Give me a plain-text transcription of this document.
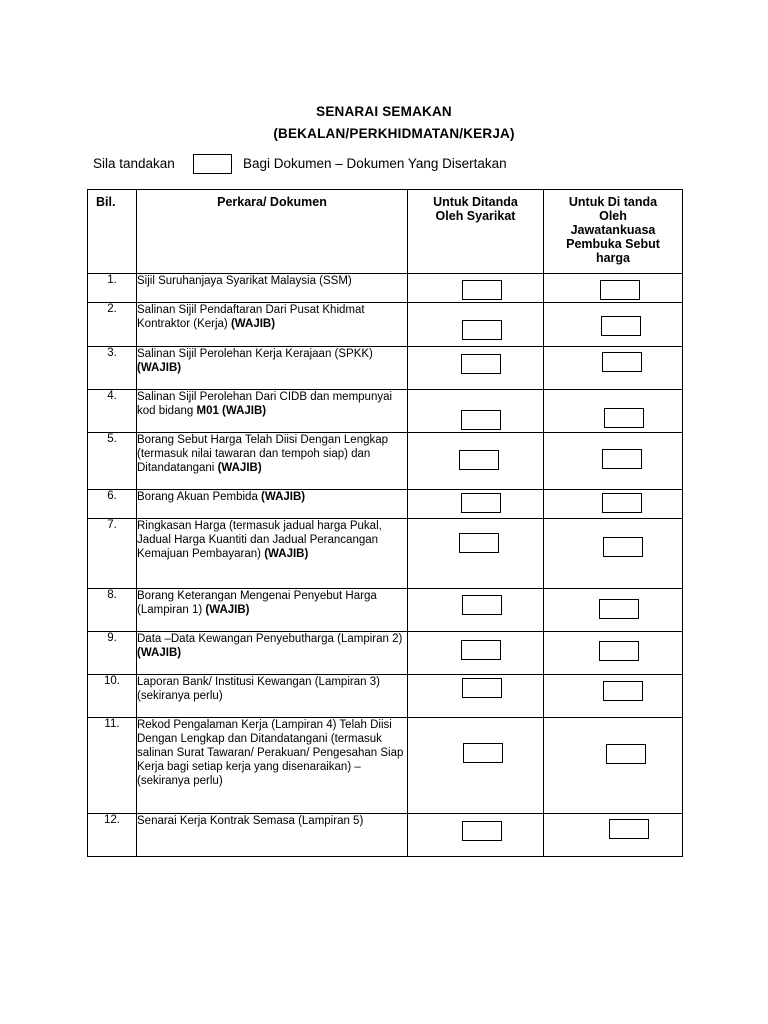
SENARAI SEMAKAN
(BEKALAN/PERKHIDMATAN/KERJA)
Sila tandakan	Bagi Dokumen – Dokumen Yang Disertakan
Bil.	Perkara/ Dokumen	Untuk Ditanda Oleh Syarikat	Untuk Di tanda Oleh Jawatankuasa Pembuka Sebut harga
1.	Sijil Suruhanjaya Syarikat Malaysia (SSM)	

2.	Salinan Sijil Pendaftaran Dari Pusat Khidmat Kontraktor (Kerja) (WAJIB)	

3.	Salinan Sijil Perolehan Kerja Kerajaan (SPKK) (WAJIB)	

4.	Salinan Sijil Perolehan Dari CIDB dan mempunyai kod bidang M01 (WAJIB)	

5.	Borang Sebut Harga Telah Diisi Dengan Lengkap (termasuk nilai tawaran dan tempoh siap) dan Ditandatangani (WAJIB)	

6.	Borang Akuan Pembida (WAJIB)	

7.	Ringkasan Harga (termasuk jadual harga Pukal, Jadual Harga Kuantiti dan Jadual Perancangan Kemajuan Pembayaran) (WAJIB)	

8.	Borang Keterangan Mengenai Penyebut Harga (Lampiran 1) (WAJIB)	

9.	Data –Data Kewangan Penyebutharga (Lampiran 2) (WAJIB)	

10.	Laporan Bank/ Institusi Kewangan (Lampiran 3) (sekiranya perlu)	

11.	Rekod Pengalaman Kerja (Lampiran 4) Telah Diisi Dengan Lengkap dan Ditandatangani (termasuk salinan Surat Tawaran/ Perakuan/ Pengesahan Siap Kerja bagi setiap kerja yang disenaraikan) – (sekiranya perlu)	

12.	Senarai Kerja Kontrak Semasa (Lampiran 5)	
